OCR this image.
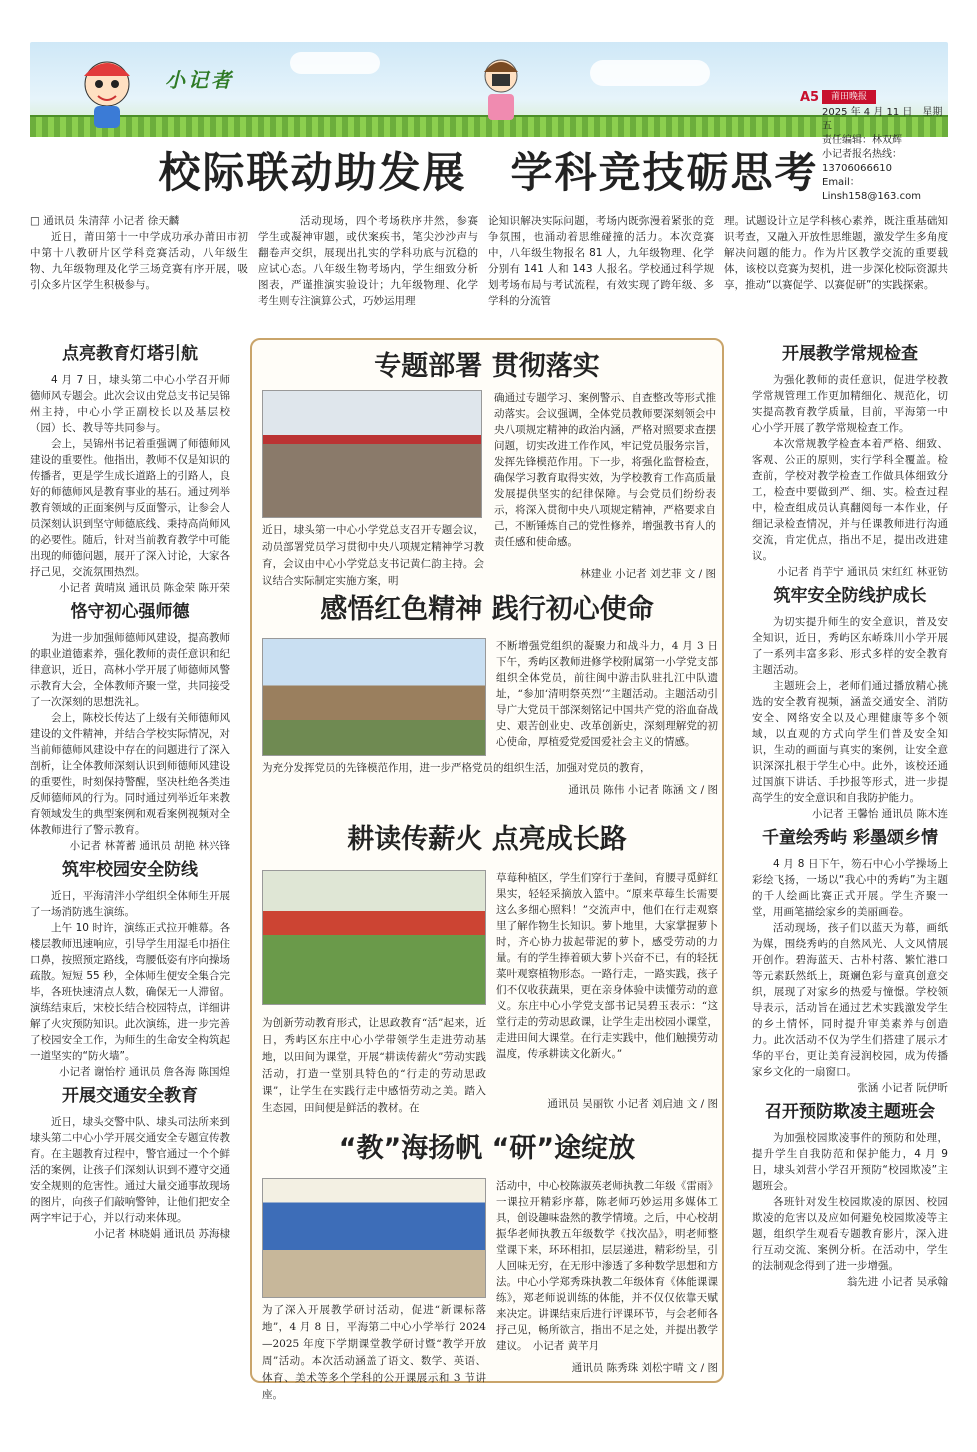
小记者
A5	莆田晚报
2025 年 4 月 11 日　星期五
责任编辑：林双辉
小记者报名热线：13706066610
Email：Linsh158@163.com
校际联动助发展　学科竞技砺思考

□ 通讯员 朱清萍 小记者 徐天麟

近日，莆田第十一中学成功承办莆田市初中第十八教研片区学科竞赛活动，八年级生物、九年级物理及化学三场竞赛有序开展，吸引众多片区学生积极参与。

活动现场，四个考场秩序井然，参赛学生或凝神审题，或伏案疾书，笔尖沙沙声与翻卷声交织，展现出扎实的学科功底与沉稳的应试心态。八年级生物考场内，学生细致分析图表，严谨推演实验设计；九年级物理、化学考生则专注演算公式，巧妙运用理

论知识解决实际问题，考场内既弥漫着紧张的竞争氛围，也涌动着思维碰撞的活力。本次竞赛中，八年级生物报名 81 人，九年级物理、化学分别有 141 人和 143 人报名。学校通过科学规划考场布局与考试流程，有效实现了跨年级、多学科的分流管

理。试题设计立足学科核心素养，既注重基础知识考查，又融入开放性思维题，激发学生多角度解决问题的能力。作为片区教学交流的重要载体，该校以竞赛为契机，进一步深化校际资源共享，推动“以赛促学、以赛促研”的实践探索。

点亮教育灯塔引航

4 月 7 日，埭头第二中心小学召开师德师风专题会。此次会议由党总支书记吴锦州主持，中心小学正副校长以及基层校（园）长、教导等共同参与。

会上，吴锦州书记着重强调了师德师风建设的重要性。他指出，教师不仅是知识的传播者，更是学生成长道路上的引路人，良好的师德师风是教育事业的基石。通过列举教育领域的正面案例与反面警示，让参会人员深刻认识到坚守师德底线、秉持高尚师风的必要性。随后，针对当前教育教学中可能出现的师德问题，展开了深入讨论，大家各抒己见，交流氛围热烈。

小记者 黄晴岚 通讯员 陈金荣 陈开荣

恪守初心强师德

为进一步加强师德师风建设，提高教师的职业道德素养，强化教师的责任意识和纪律意识，近日，高林小学开展了师德师风警示教育大会，全体教师齐聚一堂，共同接受了一次深刻的思想洗礼。

会上，陈校长传达了上级有关师德师风建设的文件精神，并结合学校实际情况，对当前师德师风建设中存在的问题进行了深入剖析，让全体教师深刻认识到师德师风建设的重要性，时刻保持警醒，坚决杜绝各类违反师德师风的行为。同时通过列举近年来教育领域发生的典型案例和观看案例视频对全体教师进行了警示教育。

小记者 林菁蓄 通讯员 胡艳 林兴锋

筑牢校园安全防线

近日，平海清泮小学组织全体师生开展了一场消防逃生演练。

上午 10 时许，演练正式拉开帷幕。各楼层教师迅速响应，引导学生用湿毛巾捂住口鼻，按照预定路线，弯腰低姿有序向操场疏散。短短 55 秒，全体师生便安全集合完毕，各班快速清点人数，确保无一人滞留。演练结束后，宋校长结合校园特点，详细讲解了火灾预防知识。此次演练，进一步完善了校园安全工作，为师生的生命安全构筑起一道坚实的“防火墙”。

小记者 谢怡柠 通讯员 詹各海 陈国煌

开展交通安全教育

近日，埭头交警中队、埭头司法所来到埭头第二中心小学开展交通安全专题宣传教育。在主题教育过程中，警官通过一个个鲜活的案例，让孩子们深刻认识到不遵守交通安全规则的危害性。通过大量交通事故现场的图片，向孩子们敲响警钟，让他们把安全两字牢记于心，并以行动来体现。

小记者 林晓娟 通讯员 苏海棣

专题部署 贯彻落实
近日，埭头第一中心小学党总支召开专题会议，动员部署党员学习贯彻中央八项规定精神学习教育，会议由中心小学党总支书记黄仁韵主持。会议结合实际制定实施方案，明
确通过专题学习、案例警示、自查整改等形式推动落实。会议强调，全体党员教师要深刻领会中央八项规定精神的政治内涵，严格对照要求查摆问题，切实改进工作作风，牢记党员服务宗旨，发挥先锋模范作用。下一步，将强化监督检查，确保学习教育取得实效，为学校教育工作高质量发展提供坚实的纪律保障。与会党员们纷纷表示，将深入贯彻中央八项规定精神，严格要求自己，不断锤炼自己的党性修养，增强教书育人的责任感和使命感。
林建业 小记者 刘艺菲 文 / 图
感悟红色精神 践行初心使命
为充分发挥党员的先锋模范作用，进一步严格党员的组织生活，加强对党员的教育，
不断增强党组织的凝聚力和战斗力，4 月 3 日下午，秀屿区教师进修学校附属第一小学党支部组织全体党员，前往闽中游击队驻扎江中队遗址，“参加‘清明祭英烈’”主题活动。主题活动引导广大党员干部深刻铭记中国共产党的浴血奋战史、艰苦创业史、改革创新史，深刻理解党的初心使命，厚植爱党爱国爱社会主义的情感。
通讯员 陈伟 小记者 陈涵 文 / 图
耕读传薪火 点亮成长路
为创新劳动教育形式，让思政教育“活”起来，近日，秀屿区东庄中心小学带领学生走进劳动基地，以田间为课堂，开展“耕读传薪火”劳动实践活动，打造一堂别具特色的“行走的劳动思政课”，让学生在实践行走中感悟劳动之美。踏入生态园，田间便是鲜活的教材。在
草莓种植区，学生们穿行于垄间，育腰寻觅鲜红果实，轻轻采摘放入篮中。“原来草莓生长需要这么多细心照料！”交流声中，他们在行走观察里了解作物生长知识。萝卜地里，大家掌握萝卜时，齐心协力拔起带泥的萝卜，感受劳动的力量。有的学生捧着硕大萝卜兴奋不已，有的轻抚菜叶观察植物形态。一路行走，一路实践，孩子们不仅收获蔬果，更在亲身体验中读懂劳动的意义。东庄中心小学党支部书记吴碧玉表示：“这堂行走的劳动思政课，让学生走出校园小课堂，走进田间大课堂。在行走实践中，他们触摸劳动温度，传承耕读文化新火。”
通讯员 吴丽钦 小记者 刘启迪 文 / 图
“教”海扬帆 “研”途绽放
为了深入开展教学研讨活动，促进“新课标落地”，4 月 8 日，平海第二中心小学举行 2024—2025 年度下学期课堂教学研讨暨“教学开放周”活动。本次活动涵盖了语文、数学、英语、体育、美术等多个学科的公开课展示和 3 节讲座。
活动中，中心校陈淑英老师执教二年级《雷雨》一课拉开精彩序幕，陈老师巧妙运用多媒体工具，创设趣味盎然的教学情境。之后，中心校胡振华老师执教五年级数学《找次品》，明老师整堂课下来，环环相扣，层层递进，精彩纷呈，引人回味无穷，在无形中渗透了多种数学思想和方法。中心小学郑秀珠执教二年级体育《体能课课练》，郑老师说训练的体能，并不仅仅依靠天赋来决定。讲课结束后进行评课环节，与会老师各抒己见，畅所欲言，指出不足之处，并提出教学建议。　小记者 黄芊月
通讯员 陈秀珠 刘松宇晴 文 / 图
开展教学常规检查

为强化教师的责任意识，促进学校教学常规管理工作更加精细化、规范化，切实提高教育教学质量，目前，平海第一中心小学开展了教学常规检查工作。

本次常规教学检查本着严格、细致、客观、公正的原则，实行学科全覆盖。检查前，学校对教学检查工作做具体细致分工，检查中要做到严、细、实。检查过程中，检查组成员认真翻阅每一本作业，仔细记录检查情况，并与任课教师进行沟通交流，肯定优点，指出不足，提出改进建议。

小记者 肖芋宁 通讯员 宋红红 林亚钫

筑牢安全防线护成长

为切实提升师生的安全意识，普及安全知识，近日，秀屿区东峤珠川小学开展了一系列丰富多彩、形式多样的安全教育主题活动。

主题班会上，老师们通过播放精心挑选的安全教育视频，涵盖交通安全、消防安全、网络安全以及心理健康等多个领域，以直观的方式向学生们普及安全知识，生动的画面与真实的案例，让安全意识深深扎根于学生心中。此外，该校还通过国旗下讲话、手抄报等形式，进一步提高学生的安全意识和自我防护能力。

小记者 王馨怡 通讯员 陈木连

千童绘秀屿 彩墨颂乡情

4 月 8 日下午，笏石中心小学操场上彩绘飞扬，一场以“我心中的秀屿”为主题的千人绘画比赛正式开展。学生齐聚一堂，用画笔描绘家乡的美丽画卷。

活动现场，孩子们以蓝天为幕，画纸为媒，围绕秀屿的自然风光、人文风情展开创作。碧海蓝天、古朴村落、繁忙港口等元素跃然纸上，斑斓色彩与童真创意交织，展现了对家乡的热爱与憧憬。学校领导表示，活动旨在通过艺术实践激发学生的乡土情怀，同时提升审美素养与创造力。此次活动不仅为学生们搭建了展示才华的平台，更让美育浸润校园，成为传播家乡文化的一扇窗口。

张涵 小记者 阮伊昕

召开预防欺凌主题班会

为加强校园欺凌事件的预防和处理，提升学生自我防范和保护能力，4 月 9 日，埭头刘营小学召开预防“校园欺凌”主题班会。

各班针对发生校园欺凌的原因、校园欺凌的危害以及应如何避免校园欺凌等主题，组织学生观看专题教育影片，深入进行互动交流、案例分析。在活动中，学生的法制观念得到了进一步增强。

翁先进 小记者 吴承翰
